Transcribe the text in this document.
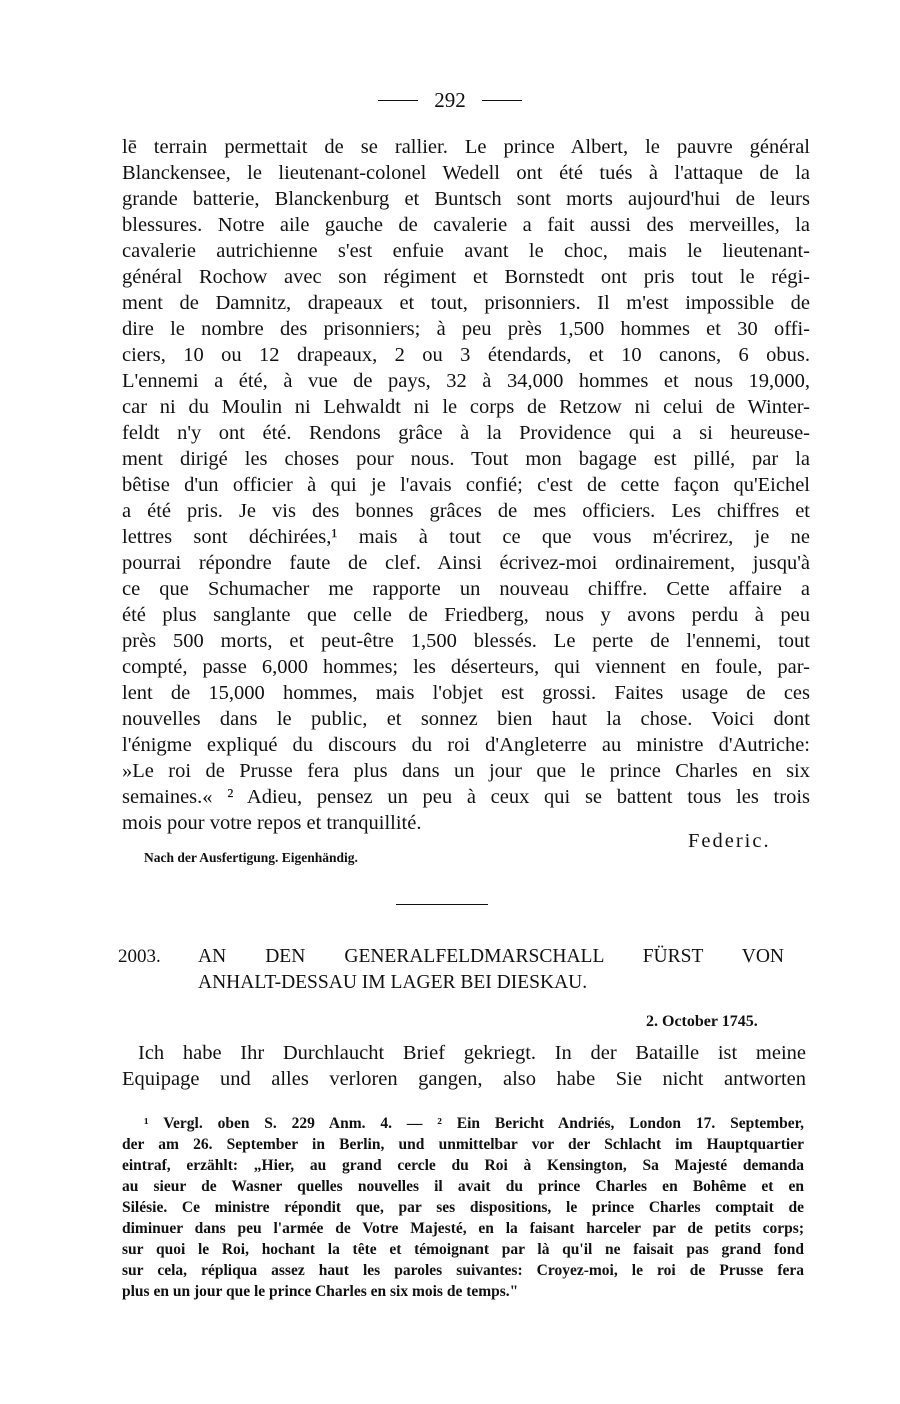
292
lē terrain permettait de se rallier. Le prince Albert, le pauvre général
Blanckensee, le lieutenant-colonel Wedell ont été tués à l'attaque de la
grande batterie, Blanckenburg et Buntsch sont morts aujourd'hui de leurs
blessures. Notre aile gauche de cavalerie a fait aussi des merveilles, la
cavalerie autrichienne s'est enfuie avant le choc, mais le lieutenant-
général Rochow avec son régiment et Bornstedt ont pris tout le régi-
ment de Damnitz, drapeaux et tout, prisonniers. Il m'est impossible de
dire le nombre des prisonniers; à peu près 1,500 hommes et 30 offi-
ciers, 10 ou 12 drapeaux, 2 ou 3 étendards, et 10 canons, 6 obus.
L'ennemi a été, à vue de pays, 32 à 34,000 hommes et nous 19,000,
car ni du Moulin ni Lehwaldt ni le corps de Retzow ni celui de Winter-
feldt n'y ont été. Rendons grâce à la Providence qui a si heureuse-
ment dirigé les choses pour nous. Tout mon bagage est pillé, par la
bêtise d'un officier à qui je l'avais confié; c'est de cette façon qu'Eichel
a été pris. Je vis des bonnes grâces de mes officiers. Les chiffres et
lettres sont déchirées,¹ mais à tout ce que vous m'écrirez, je ne
pourrai répondre faute de clef. Ainsi écrivez-moi ordinairement, jusqu'à
ce que Schumacher me rapporte un nouveau chiffre. Cette affaire a
été plus sanglante que celle de Friedberg, nous y avons perdu à peu
près 500 morts, et peut-être 1,500 blessés. Le perte de l'ennemi, tout
compté, passe 6,000 hommes; les déserteurs, qui viennent en foule, par-
lent de 15,000 hommes, mais l'objet est grossi. Faites usage de ces
nouvelles dans le public, et sonnez bien haut la chose. Voici dont
l'énigme expliqué du discours du roi d'Angleterre au ministre d'Autriche:
»Le roi de Prusse fera plus dans un jour que le prince Charles en six
semaines.« ² Adieu, pensez un peu à ceux qui se battent tous les trois
mois pour votre repos et tranquillité.
Federic.
Nach der Ausfertigung. Eigenhändig.
2003. AN DEN GENERALFELDMARSCHALL FÜRST VON
ANHALT-DESSAU IM LAGER BEI DIESKAU.
2. October 1745.
Ich habe Ihr Durchlaucht Brief gekriegt. In der Bataille ist meine
Equipage und alles verloren gangen, also habe Sie nicht antworten
¹ Vergl. oben S. 229 Anm. 4. — ² Ein Bericht Andriés, London 17. September,
der am 26. September in Berlin, und unmittelbar vor der Schlacht im Hauptquartier
eintraf, erzählt: „Hier, au grand cercle du Roi à Kensington, Sa Majesté demanda
au sieur de Wasner quelles nouvelles il avait du prince Charles en Bohême et en
Silésie. Ce ministre répondit que, par ses dispositions, le prince Charles comptait de
diminuer dans peu l'armée de Votre Majesté, en la faisant harceler par de petits corps;
sur quoi le Roi, hochant la tête et témoignant par là qu'il ne faisait pas grand fond
sur cela, répliqua assez haut les paroles suivantes: Croyez-moi, le roi de Prusse fera
plus en un jour que le prince Charles en six mois de temps."
